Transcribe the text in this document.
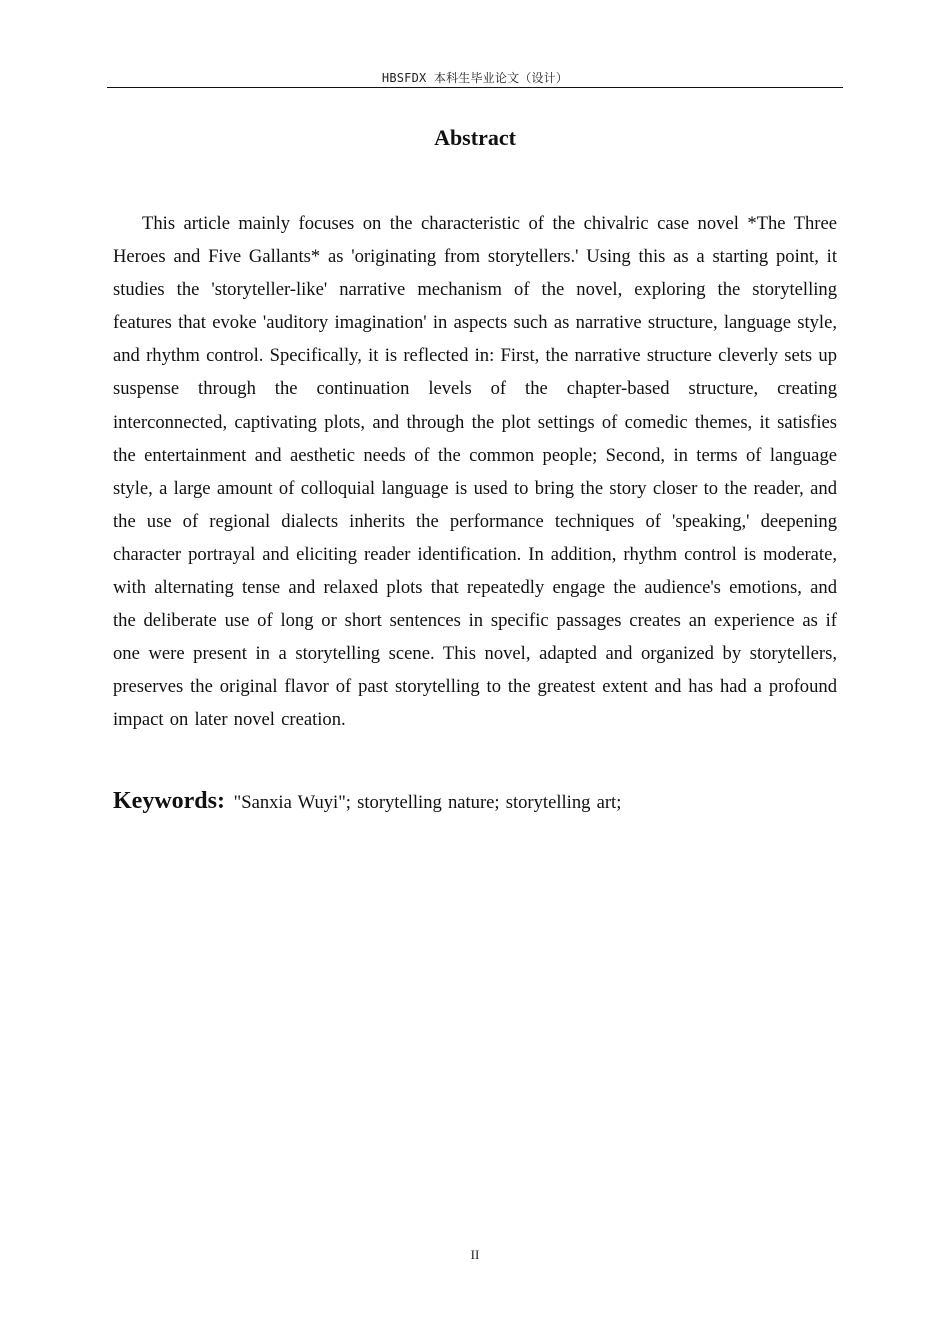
HBSFDX 本科生毕业论文（设计）
Abstract

This article mainly focuses on the characteristic of the chivalric case novel *The Three Heroes and Five Gallants* as 'originating from storytellers.' Using this as a starting point, it studies the 'storyteller-like' narrative mechanism of the novel, exploring the storytelling features that evoke 'auditory imagination' in aspects such as narrative structure, language style, and rhythm control. Specifically, it is reflected in: First, the narrative structure cleverly sets up suspense through the continuation levels of the chapter-based structure, creating interconnected, captivating plots, and through the plot settings of comedic themes, it satisfies the entertainment and aesthetic needs of the common people; Second, in terms of language style, a large amount of colloquial language is used to bring the story closer to the reader, and the use of regional dialects inherits the performance techniques of 'speaking,' deepening character portrayal and eliciting reader identification. In addition, rhythm control is moderate, with alternating tense and relaxed plots that repeatedly engage the audience's emotions, and the deliberate use of long or short sentences in specific passages creates an experience as if one were present in a storytelling scene. This novel, adapted and organized by storytellers, preserves the original flavor of past storytelling to the greatest extent and has had a profound impact on later novel creation.

Keywords: "Sanxia Wuyi"; storytelling nature; storytelling art;
II
